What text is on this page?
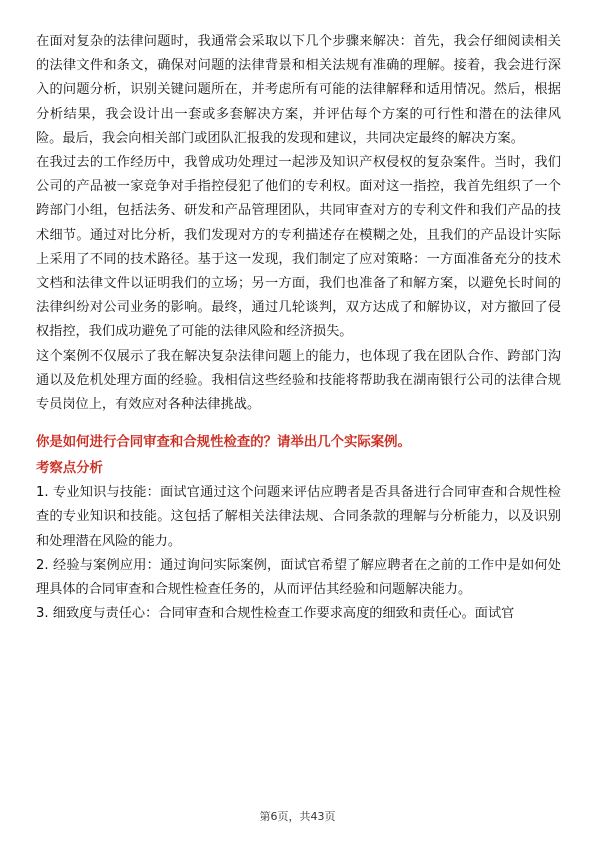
在面对复杂的法律问题时，我通常会采取以下几个步骤来解决：首先，我会仔细阅读相关的法律文件和条文，确保对问题的法律背景和相关法规有准确的理解。接着，我会进行深入的问题分析，识别关键问题所在，并考虑所有可能的法律解释和适用情况。然后，根据分析结果，我会设计出一套或多套解决方案，并评估每个方案的可行性和潜在的法律风险。最后，我会向相关部门或团队汇报我的发现和建议，共同决定最终的解决方案。

在我过去的工作经历中，我曾成功处理过一起涉及知识产权侵权的复杂案件。当时，我们公司的产品被一家竞争对手指控侵犯了他们的专利权。面对这一指控，我首先组织了一个跨部门小组，包括法务、研发和产品管理团队，共同审查对方的专利文件和我们产品的技术细节。通过对比分析，我们发现对方的专利描述存在模糊之处，且我们的产品设计实际上采用了不同的技术路径。基于这一发现，我们制定了应对策略：一方面准备充分的技术文档和法律文件以证明我们的立场；另一方面，我们也准备了和解方案，以避免长时间的法律纠纷对公司业务的影响。最终，通过几轮谈判，双方达成了和解协议，对方撤回了侵权指控，我们成功避免了可能的法律风险和经济损失。

这个案例不仅展示了我在解决复杂法律问题上的能力，也体现了我在团队合作、跨部门沟通以及危机处理方面的经验。我相信这些经验和技能将帮助我在湖南银行公司的法律合规专员岗位上，有效应对各种法律挑战。

你是如何进行合同审查和合规性检查的？请举出几个实际案例。

考察点分析

1. 专业知识与技能：面试官通过这个问题来评估应聘者是否具备进行合同审查和合规性检查的专业知识和技能。这包括了解相关法律法规、合同条款的理解与分析能力，以及识别和处理潜在风险的能力。

2. 经验与案例应用：通过询问实际案例，面试官希望了解应聘者在之前的工作中是如何处理具体的合同审查和合规性检查任务的，从而评估其经验和问题解决能力。

3. 细致度与责任心：合同审查和合规性检查工作要求高度的细致和责任心。面试官

第6页，共43页
